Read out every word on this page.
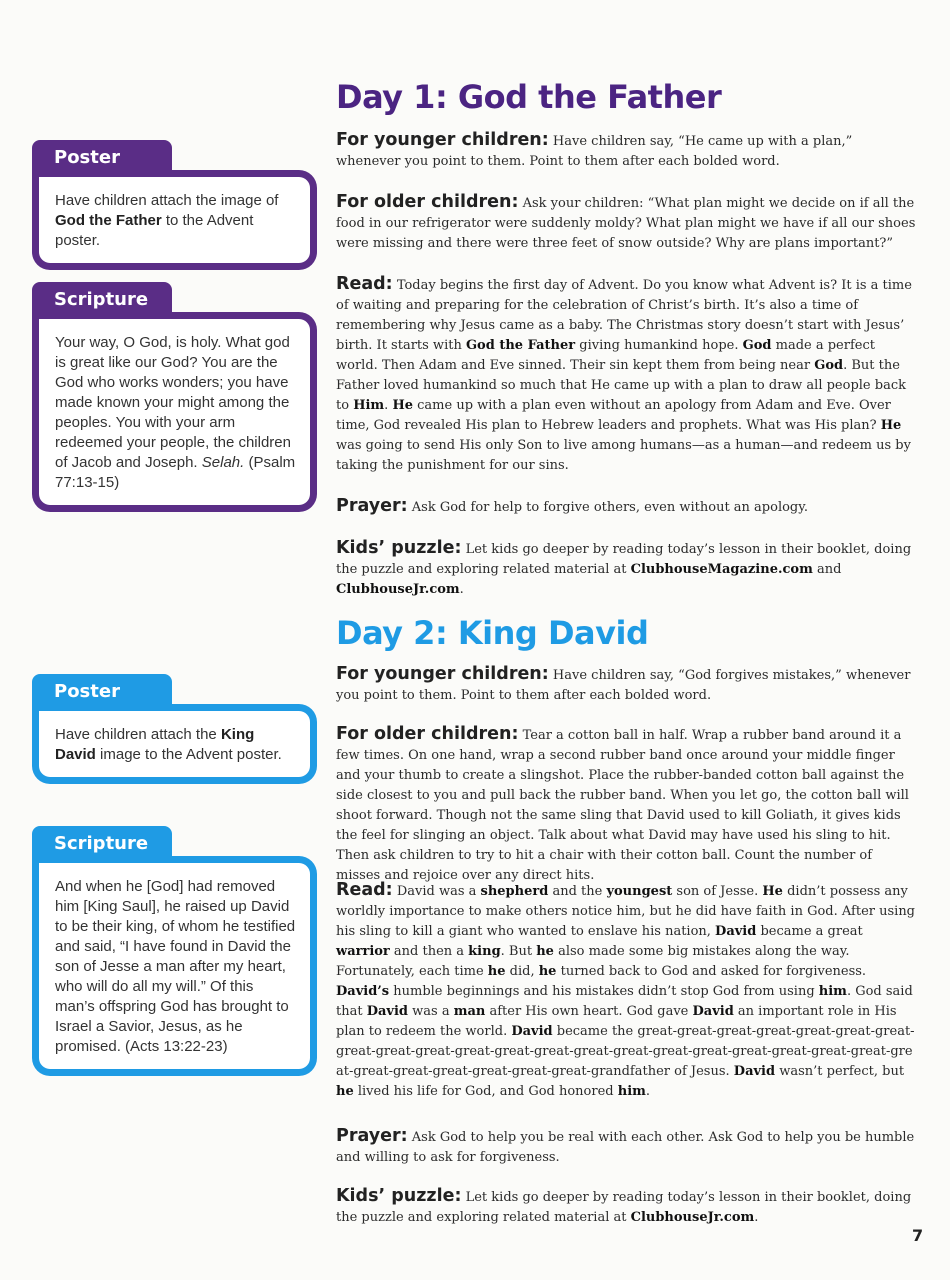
Poster
Have children attach the image of God the Father to the Advent poster.
Scripture
Your way, O God, is holy. What god is great like our God? You are the God who works wonders; you have made known your might among the peoples. You with your arm redeemed your people, the children of Jacob and Joseph. Selah. (Psalm 77:13-15)
Poster
Have children attach the King David image to the Advent poster.
Scripture
And when he [God] had removed him [King Saul], he raised up David to be their king, of whom he testified and said, “I have found in David the son of Jesse a man after my heart, who will do all my will.” Of this man’s offspring God has brought to Israel a Savior, Jesus, as he promised. (Acts 13:22-23)
Day 1: God the Father

For younger children: Have children say, “He came up with a plan,” whenever you point to them. Point to them after each bolded word.

For older children: Ask your children: “What plan might we decide on if all the food in our refrigerator were suddenly moldy? What plan might we have if all our shoes were missing and there were three feet of snow outside? Why are plans important?”

Read: Today begins the first day of Advent. Do you know what Advent is? It is a time of waiting and preparing for the celebration of Christ’s birth. It’s also a time of remembering why Jesus came as a baby. The Christmas story doesn’t start with Jesus’ birth. It starts with God the Father giving humankind hope. God made a perfect world. Then Adam and Eve sinned. Their sin kept them from being near God. But the Father loved humankind so much that He came up with a plan to draw all people back to Him. He came up with a plan even without an apology from Adam and Eve. Over time, God revealed His plan to Hebrew leaders and prophets. What was His plan? He was going to send His only Son to live among humans—as a human—and redeem us by taking the punishment for our sins.

Prayer: Ask God for help to forgive others, even without an apology.

Kids’ puzzle: Let kids go deeper by reading today’s lesson in their booklet, doing the puzzle and exploring related material at ClubhouseMagazine.com and ClubhouseJr.com.

Day 2: King David

For younger children: Have children say, “God forgives mistakes,” whenever you point to them. Point to them after each bolded word.

For older children: Tear a cotton ball in half. Wrap a rubber band around it a few times. On one hand, wrap a second rubber band once around your middle finger and your thumb to create a slingshot. Place the rubber-banded cotton ball against the side closest to you and pull back the rubber band. When you let go, the cotton ball will shoot forward. Though not the same sling that David used to kill Goliath, it gives kids the feel for slinging an object. Talk about what David may have used his sling to hit. Then ask children to try to hit a chair with their cotton ball. Count the number of misses and rejoice over any direct hits.

Read: David was a shepherd and the youngest son of Jesse. He didn’t possess any worldly importance to make others notice him, but he did have faith in God. After using his sling to kill a giant who wanted to enslave his nation, David became a great warrior and then a king. But he also made some big mistakes along the way. Fortunately, each time he did, he turned back to God and asked for forgiveness. David’s humble beginnings and his mistakes didn’t stop God from using him. God said that David was a man after His own heart. God gave David an important role in His plan to redeem the world. David became the great-great-great-great-great-great-great-great-great-great-great-great-great-great-great-great-great-great-great-great-great-great-great-great-great-great-great-great-grandfather of Jesus. David wasn’t perfect, but he lived his life for God, and God honored him.

Prayer: Ask God to help you be real with each other. Ask God to help you be humble and willing to ask for forgiveness.

Kids’ puzzle: Let kids go deeper by reading today’s lesson in their booklet, doing the puzzle and exploring related material at ClubhouseJr.com.

7
